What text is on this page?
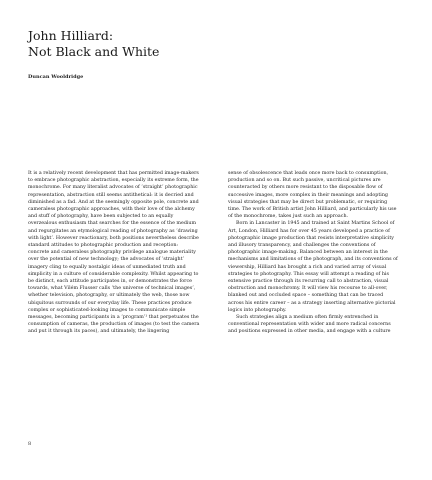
John Hilliard:
Not Black and White

Duncan Wooldridge

It is a relatively recent development that has permitted image-makers to embrace photographic abstraction, especially its extreme form, the monochrome. For many literalist advocates of ‘straight’ photographic representation, abstraction still seems antithetical: it is decried and diminished as a fad. And at the seemingly opposite pole, concrete and cameraless photographic approaches, with their love of the alchemy and stuff of photography, have been subjected to an equally overzealous enthusiasm that searches for the essence of the medium and regurgitates an etymological reading of photography as ‘drawing with light’. However reactionary, both positions nevertheless describe standard attitudes to photographic production and reception: concrete and cameraless photography privilege analogue materiality over the potential of new technology; the advocates of ‘straight’ imagery cling to equally nostalgic ideas of unmediated truth and simplicity in a culture of considerable complexity. Whilst appearing to be distinct, each attitude participates in, or demonstrates the force towards, what Vilém Flusser calls ‘the universe of technical images’, whether television, photography, or ultimately the web, those now ubiquitous surrounds of our everyday life. These practices produce complex or sophisticated-looking images to communicate simple messages, becoming participants in a ‘program’¹ that perpetuates the consumption of cameras, the production of images (to test the camera and put it through its paces), and ultimately, the lingering

sense of obsolescence that leads once more back to consumption, production and so on. But such passive, uncritical pictures are counteracted by others more resistant to the disposable flow of successive images, more complex in their meanings and adopting visual strategies that may be direct but problematic, or requiring time. The work of British artist John Hilliard, and particularly his use of the monochrome, takes just such an approach.

Born in Lancaster in 1945 and trained at Saint Martins School of Art, London, Hilliard has for over 45 years developed a practice of photographic image production that resists interpretative simplicity and illusory transparency, and challenges the conventions of photographic image-making. Balanced between an interest in the mechanisms and limitations of the photograph, and its conventions of viewership, Hilliard has brought a rich and varied array of visual strategies to photography. This essay will attempt a reading of his extensive practice through its recurring call to abstraction, visual obstruction and monochromy. It will view his recourse to all-over, blanked out and occluded space – something that can be traced across his entire career – as a strategy inserting alternative pictorial logics into photography.

Such strategies align a medium often firmly entrenched in conventional representation with wider and more radical concerns and positions expressed in other media, and engage with a culture

8
